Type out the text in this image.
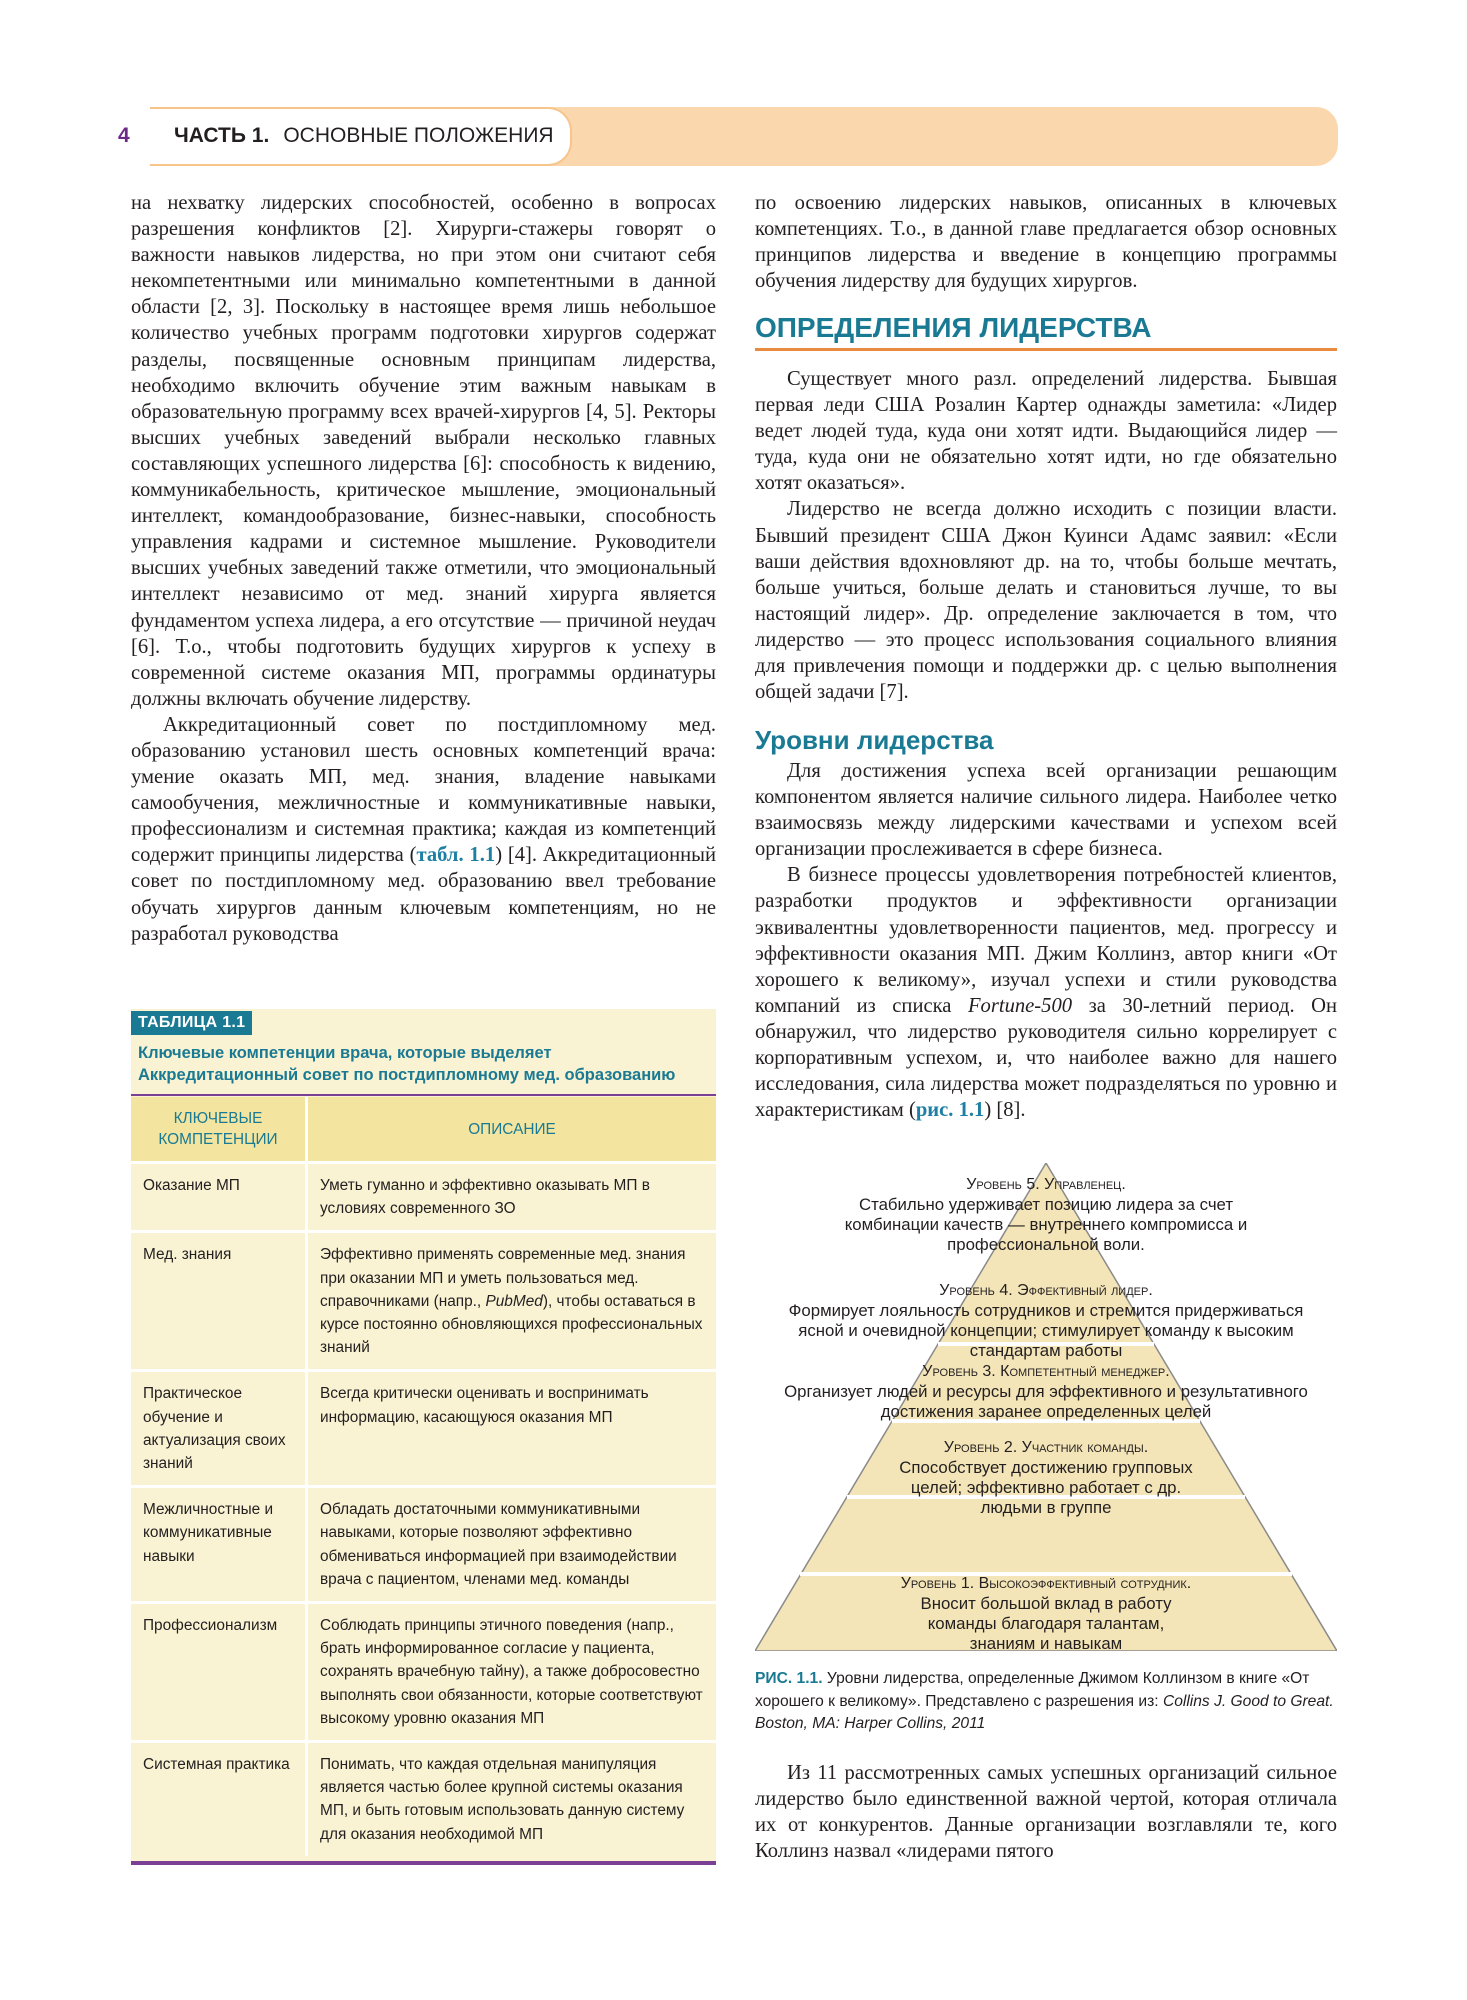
4 ЧАСТЬ 1. ОСНОВНЫЕ ПОЛОЖЕНИЯ

на нехватку лидерских способностей, особенно в вопросах разрешения конфликтов [2]. Хирурги-стажеры говорят о важности навыков лидерства, но при этом они считают себя некомпетентными или минимально компетентными в данной области [2, 3]. Поскольку в настоящее время лишь небольшое количество учебных программ подготовки хирургов содержат разделы, посвященные основным принципам лидерства, необходимо включить обучение этим важным навыкам в образовательную программу всех врачей-хирургов [4, 5]. Ректоры высших учебных заведений выбрали несколько главных составляющих успешного лидерства [6]: способность к видению, коммуникабельность, критическое мышление, эмоциональный интеллект, командообразование, бизнес-навыки, способность управления кадрами и системное мышление. Руководители высших учебных заведений также отметили, что эмоциональный интеллект независимо от мед. знаний хирурга является фундаментом успеха лидера, а его отсутствие — причиной неудач [6]. Т.о., чтобы подготовить будущих хирургов к успеху в современной системе оказания МП, программы ординатуры должны включать обучение лидерству.

Аккредитационный совет по постдипломному мед. образованию установил шесть основных компетенций врача: умение оказать МП, мед. знания, владение навыками самообучения, межличностные и коммуникативные навыки, профессионализм и системная практика; каждая из компетенций содержит принципы лидерства (табл. 1.1) [4]. Аккредитационный совет по постдипломному мед. образованию ввел требование обучать хирургов данным ключевым компетенциям, но не разработал руководства

ТАБЛИЦА 1.1
Ключевые компетенции врача, которые выделяет Аккредитационный совет по постдипломному мед. образованию
КЛЮЧЕВЫЕ КОМПЕТЕНЦИИ	ОПИСАНИЕ
Оказание МП	Уметь гуманно и эффективно оказывать МП в условиях современного ЗО
Мед. знания	Эффективно применять современные мед. знания при оказании МП и уметь пользоваться мед. справочниками (напр., PubMed), чтобы оставаться в курсе постоянно обновляющихся профессиональных знаний
Практическое обучение и актуализация своих знаний	Всегда критически оценивать и воспринимать информацию, касающуюся оказания МП
Межличностные и коммуникативные навыки	Обладать достаточными коммуникативными навыками, которые позволяют эффективно обмениваться информацией при взаимодействии врача с пациентом, членами мед. команды
Профессионализм	Соблюдать принципы этичного поведения (напр., брать информированное согласие у пациента, сохранять врачебную тайну), а также добросовестно выполнять свои обязанности, которые соответствуют высокому уровню оказания МП
Системная практика	Понимать, что каждая отдельная манипуляция является частью более крупной системы оказания МП, и быть готовым использовать данную систему для оказания необходимой МП

по освоению лидерских навыков, описанных в ключевых компетенциях. Т.о., в данной главе предлагается обзор основных принципов лидерства и введение в концепцию программы обучения лидерству для будущих хирургов.

ОПРЕДЕЛЕНИЯ ЛИДЕРСТВА

Существует много разл. определений лидерства. Бывшая первая леди США Розалин Картер однажды заметила: «Лидер ведет людей туда, куда они хотят идти. Выдающийся лидер — туда, куда они не обязательно хотят идти, но где обязательно хотят оказаться».

Лидерство не всегда должно исходить с позиции власти. Бывший президент США Джон Куинси Адамс заявил: «Если ваши действия вдохновляют др. на то, чтобы больше мечтать, больше учиться, больше делать и становиться лучше, то вы настоящий лидер». Др. определение заключается в том, что лидерство — это процесс использования социального влияния для привлечения помощи и поддержки др. с целью выполнения общей задачи [7].

Уровни лидерства

Для достижения успеха всей организации решающим компонентом является наличие сильного лидера. Наиболее четко взаимосвязь между лидерскими качествами и успехом всей организации прослеживается в сфере бизнеса.

В бизнесе процессы удовлетворения потребностей клиентов, разработки продуктов и эффективности организации эквивалентны удовлетворенности пациентов, мед. прогрессу и эффективности оказания МП. Джим Коллинз, автор книги «От хорошего к великому», изучал успехи и стили руководства компаний из списка Fortune-500 за 30-летний период. Он обнаружил, что лидерство руководителя сильно коррелирует с корпоративным успехом, и, что наиболее важно для нашего исследования, сила лидерства может подразделяться по уровню и характеристикам (рис. 1.1) [8].

Уровень 5. Управленец.
Стабильно удерживает позицию лидера за счет комбинации качеств — внутреннего компромисса и профессиональной воли.
Уровень 4. Эффективный лидер.
Формирует лояльность сотрудников и стремится придерживаться ясной и очевидной концепции; стимулирует команду к высоким стандартам работы
Уровень 3. Компетентный менеджер.
Организует людей и ресурсы для эффективного и результативного достижения заранее определенных целей
Уровень 2. Участник команды.
Способствует достижению групповых целей; эффективно работает с др. людьми в группе
Уровень 1. Высокоэффективный сотрудник.
Вносит большой вклад в работу команды благодаря талантам, знаниям и навыкам
РИС. 1.1. Уровни лидерства, определенные Джимом Коллинзом в книге «От хорошего к великому». Представлено с разрешения из: Collins J. Good to Great. Boston, MA: Harper Collins, 2011

Из 11 рассмотренных самых успешных организаций сильное лидерство было единственной важной чертой, которая отличала их от конкурентов. Данные организации возглавляли те, кого Коллинз назвал «лидерами пятого
